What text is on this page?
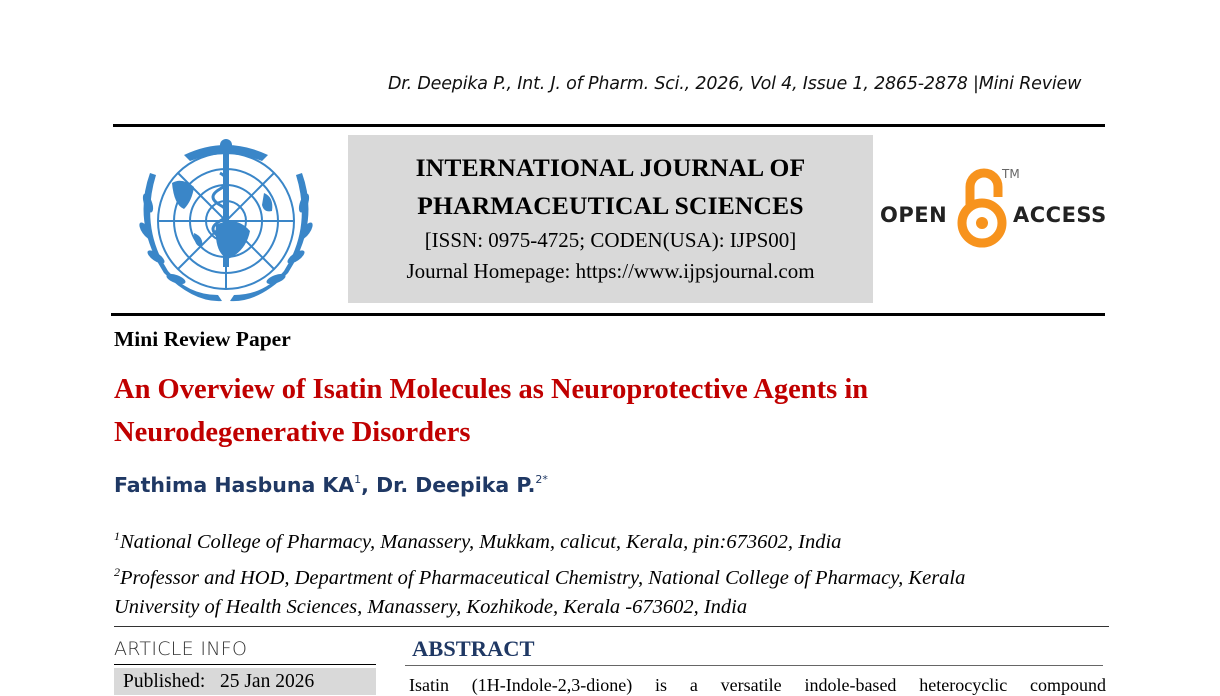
Dr. Deepika P., Int. J. of Pharm. Sci., 2026, Vol 4, Issue 1, 2865-2878 |Mini Review
INTERNATIONAL JOURNAL OF
PHARMACEUTICAL SCIENCES
[ISSN: 0975-4725; CODEN(USA): IJPS00]
Journal Homepage: https://www.ijpsjournal.com
OPEN
TM
ACCESS
Mini Review Paper
An Overview of Isatin Molecules as Neuroprotective Agents in
Neurodegenerative Disorders
Fathima Hasbuna $KA^1$, Dr. Deepika P.$^{2*}$
$^1$National College of Pharmacy, Manassery, Mukkam, calicut, Kerala, pin:673602, India
$^2$Professor and HOD, Department of Pharmaceutical Chemistry, National College of Pharmacy, Kerala
University of Health Sciences, Manassery, Kozhikode, Kerala -673602, India
ARTICLE INFO
Published: 25 Jan 2026
ABSTRACT
Isatin (1H-Indole-2,3-dione) is a versatile indole-based heterocyclic compound
